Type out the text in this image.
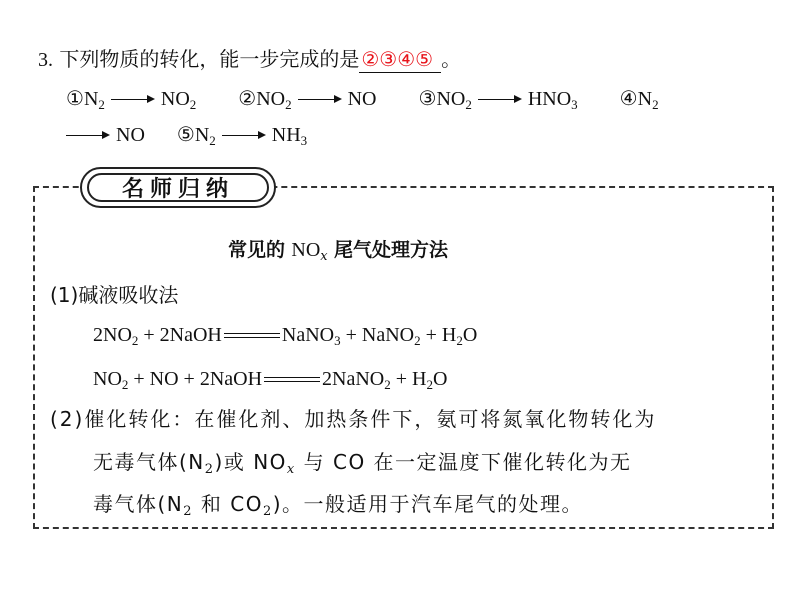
3. 下列物质的转化，能一步完成的是 ②③④⑤ 。
$①N_2$	$NO_2$ $②NO_2$	NO $③NO_2$	$HNO_3$ $④N_2$
NO $⑤N_2$	$NH_3$
名师归纳
常见的 $NO_x$ 尾气处理方法
(1)碱液吸收法
$2NO_2$ + 2NaOH	NaNO$_3$ + NaNO$_2$ + $H_2O$
$NO_2$ + NO + 2NaOH	2NaNO$_2$ + $H_2O$
(2)催化转化：在催化剂、加热条件下，氨可将氮氧化物转化为
无毒气体$(N_2)$或 $NO_x$ 与 CO 在一定温度下催化转化为无
毒气体($N_2$ 和 $CO_2$)。一般适用于汽车尾气的处理。
